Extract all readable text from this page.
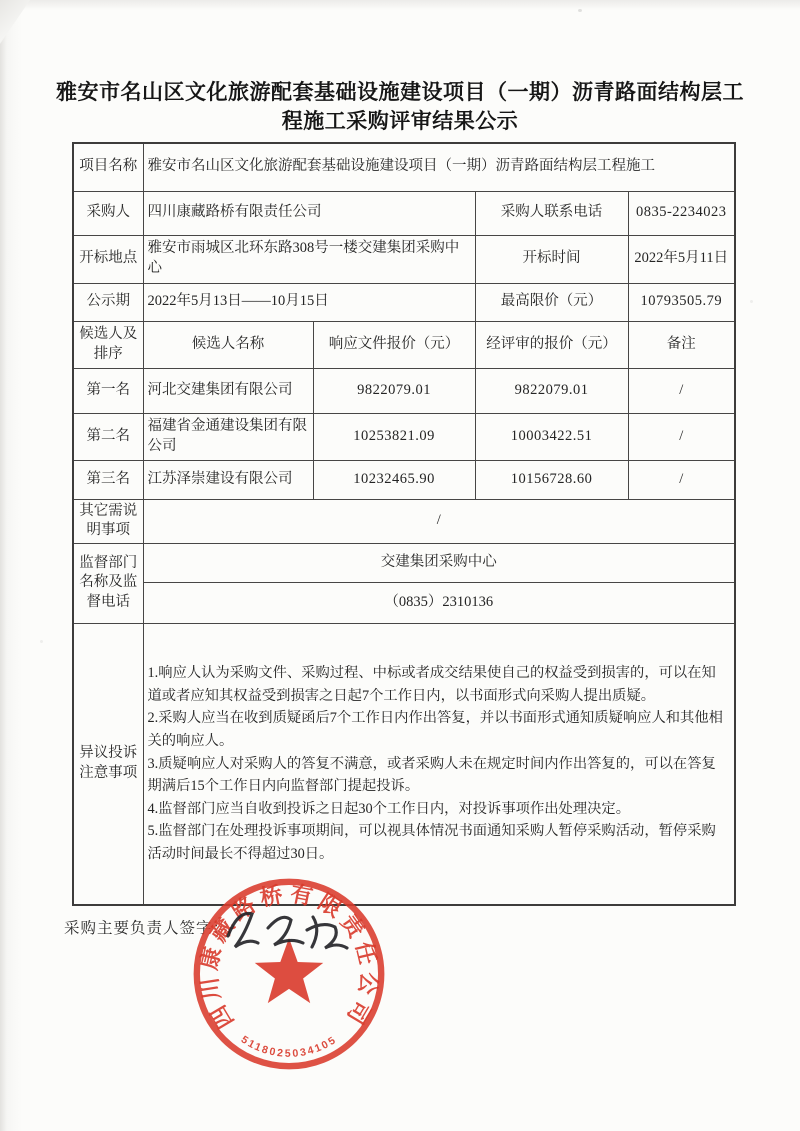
雅安市名山区文化旅游配套基础设施建设项目（一期）沥青路面结构层工
程施工采购评审结果公示
项目名称	雅安市名山区文化旅游配套基础设施建设项目（一期）沥青路面结构层工程施工			
采购人	四川康藏路桥有限责任公司		采购人联系电话	0835-2234023
开标地点	雅安市雨城区北环东路308号一楼交建集团采购中心		开标时间	2022年5月11日
公示期	2022年5月13日——10月15日		最高限价（元）	10793505.79
候选人及排序	候选人名称	响应文件报价（元）	经评审的报价（元）	备注
第一名	河北交建集团有限公司	9822079.01	9822079.01	/
第二名	福建省金通建设集团有限公司	10253821.09	10003422.51	/
第三名	江苏泽崇建设有限公司	10232465.90	10156728.60	/
其它需说明事项	/			
监督部门名称及监督电话	交建集团采购中心			
	（0835）2310136			
异议投诉注意事项	1.响应人认为采购文件、采购过程、中标或者成交结果使自己的权益受到损害的，可以在知道或者应知其权益受到损害之日起7个工作日内，以书面形式向采购人提出质疑。

2.采购人应当在收到质疑函后7个工作日内作出答复，并以书面形式通知质疑响应人和其他相关的响应人。

3.质疑响应人对采购人的答复不满意，或者采购人未在规定时间内作出答复的，可以在答复期满后15个工作日内向监督部门提起投诉。

4.监督部门应当自收到投诉之日起30个工作日内，对投诉事项作出处理决定。

5.监督部门在处理投诉事项期间，可以视具体情况书面通知采购人暂停采购活动，暂停采购活动时间最长不得超过30日。			

采购主要负责人签字：
四川康藏路桥有限责任公司
5118025034105
